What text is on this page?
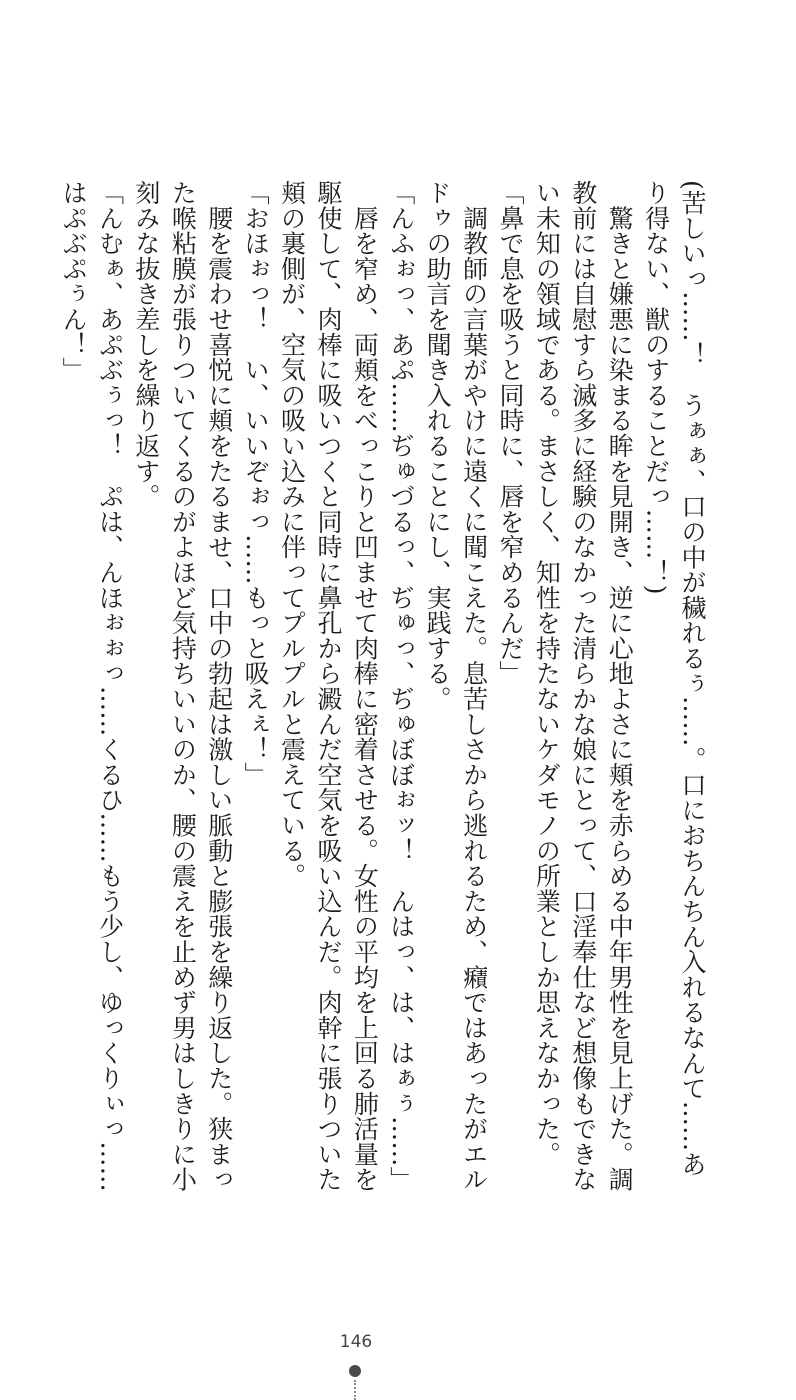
(苦しいっ……！　うぁぁ、口の中が穢れるぅ……。口におちんちん入れるなんて……あ
り得ない、獣のすることだっ……！)
　驚きと嫌悪に染まる眸を見開き、逆に心地よさに頬を赤らめる中年男性を見上げた。調
教前には自慰すら滅多に経験のなかった清らかな娘にとって、口淫奉仕など想像もできな
い未知の領域である。まさしく、知性を持たないケダモノの所業としか思えなかった。
「鼻で息を吸うと同時に、唇を窄めるんだ」
　調教師の言葉がやけに遠くに聞こえた。息苦しさから逃れるため、癪ではあったがエル
ドゥの助言を聞き入れることにし、実践する。
「んふぉっ、あぷ……ぢゅづるっ、ぢゅっ、ぢゅぼぼぉッ！　んはっ、は、はぁぅ……」
　唇を窄め、両頬をべっこりと凹ませて肉棒に密着させる。女性の平均を上回る肺活量を
駆使して、肉棒に吸いつくと同時に鼻孔から澱んだ空気を吸い込んだ。肉幹に張りついた
頬の裏側が、空気の吸い込みに伴ってプルプルと震えている。
「おほぉっ！　い、いいぞぉっ……もっと吸えぇ！」
　腰を震わせ喜悦に頬をたるませ、口中の勃起は激しい脈動と膨張を繰り返した。狭まっ
た喉粘膜が張りついてくるのがよほど気持ちいいのか、腰の震えを止めず男はしきりに小
刻みな抜き差しを繰り返す。
「んむぁ、あぷぶぅっ！　ぷは、んほぉぉっ……くるひ……もう少し、ゆっくりぃっ……
はぷぶぷぅん！」
146
